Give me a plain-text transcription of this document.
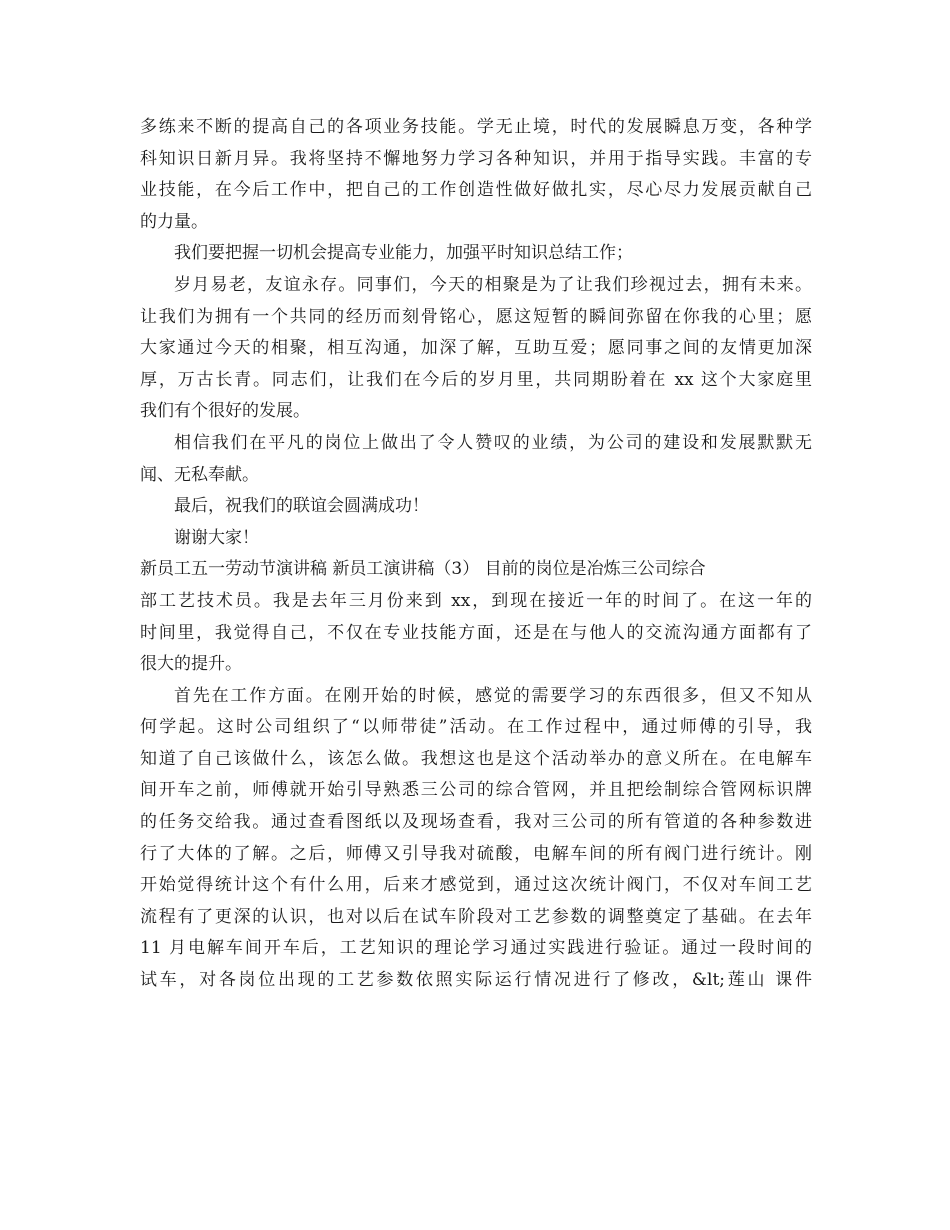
多练来不断的提高自己的各项业务技能。学无止境，时代的发展瞬息万变，各种学
科知识日新月异。我将坚持不懈地努力学习各种知识，并用于指导实践。丰富的专
业技能，在今后工作中，把自己的工作创造性做好做扎实，尽心尽力发展贡献自己
的力量。
我们要把握一切机会提高专业能力，加强平时知识总结工作；
岁月易老，友谊永存。同事们，今天的相聚是为了让我们珍视过去，拥有未来。
让我们为拥有一个共同的经历而刻骨铭心，愿这短暂的瞬间弥留在你我的心里；愿
大家通过今天的相聚，相互沟通，加深了解，互助互爱；愿同事之间的友情更加深
厚，万古长青。同志们，让我们在今后的岁月里，共同期盼着在 xx 这个大家庭里
我们有个很好的发展。
相信我们在平凡的岗位上做出了令人赞叹的业绩，为公司的建设和发展默默无
闻、无私奉献。
最后，祝我们的联谊会圆满成功！
谢谢大家！
新员工五一劳动节演讲稿 新员工演讲稿（3） 目前的岗位是冶炼三公司综合
部工艺技术员。我是去年三月份来到 xx，到现在接近一年的时间了。在这一年的
时间里，我觉得自己，不仅在专业技能方面，还是在与他人的交流沟通方面都有了
很大的提升。
首先在工作方面。在刚开始的时候，感觉的需要学习的东西很多，但又不知从
何学起。这时公司组织了“以师带徒”活动。在工作过程中，通过师傅的引导，我
知道了自己该做什么，该怎么做。我想这也是这个活动举办的意义所在。在电解车
间开车之前，师傅就开始引导熟悉三公司的综合管网，并且把绘制综合管网标识牌
的任务交给我。通过查看图纸以及现场查看，我对三公司的所有管道的各种参数进
行了大体的了解。之后，师傅又引导我对硫酸，电解车间的所有阀门进行统计。刚
开始觉得统计这个有什么用，后来才感觉到，通过这次统计阀门，不仅对车间工艺
流程有了更深的认识，也对以后在试车阶段对工艺参数的调整奠定了基础。在去年
11 月电解车间开车后，工艺知识的理论学习通过实践进行验证。通过一段时间的
试车，对各岗位出现的工艺参数依照实际运行情况进行了修改，&lt;莲山 课件
